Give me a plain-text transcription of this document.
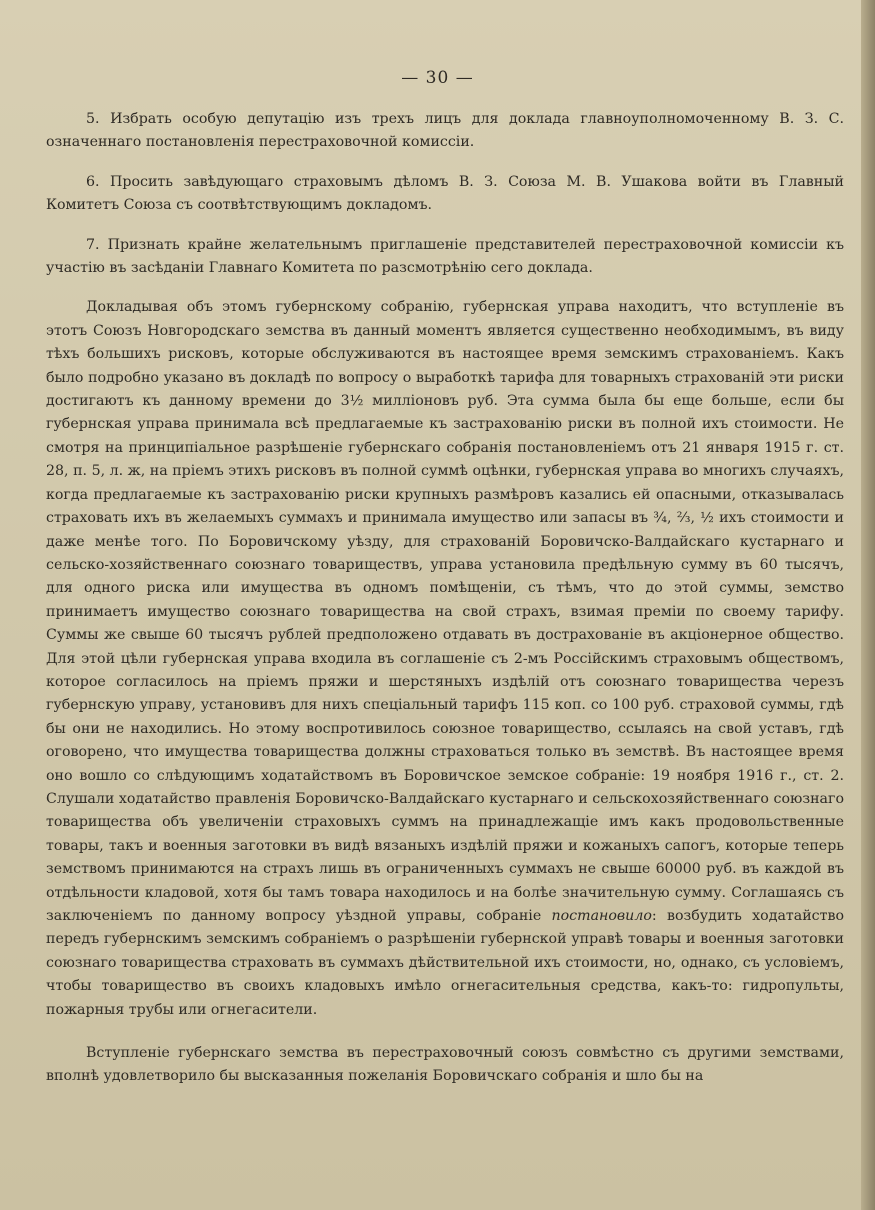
— 30 —

5. Избрать особую депутацію изъ трехъ лицъ для доклада главноуполномоченному В. З. С. означеннаго постановленія перестраховочной комиссіи.

6. Просить завѣдующаго страховымъ дѣломъ В. З. Союза М. В. Ушакова войти въ Главный Комитетъ Союза съ соотвѣтствующимъ докладомъ.

7. Признать крайне желательнымъ приглашеніе представителей перестраховочной комиссіи къ участію въ засѣданіи Главнаго Комитета по разсмотрѣнію сего доклада.

Докладывая объ этомъ губернскому собранію, губернская управа находитъ, что вступленіе въ этотъ Союзъ Новгородскаго земства въ данный моментъ является существенно необходимымъ, въ виду тѣхъ большихъ рисковъ, которые обслуживаются въ настоящее время земскимъ страхованіемъ. Какъ было подробно указано въ докладѣ по вопросу о выработкѣ тарифа для товарныхъ страхованій эти риски достигаютъ къ данному времени до 3½ милліоновъ руб. Эта сумма была бы еще больше, если бы губернская управа принимала всѣ предлагаемые къ застрахованію риски въ полной ихъ стоимости. Не смотря на принципіальное разрѣшеніе губернскаго собранія постановленіемъ отъ 21 января 1915 г. ст. 28, п. 5, л. ж, на пріемъ этихъ рисковъ въ полной суммѣ оцѣнки, губернская управа во многихъ случаяхъ, когда предлагаемые къ застрахованію риски крупныхъ размѣровъ казались ей опасными, отказывалась страховать ихъ въ желаемыхъ суммахъ и принимала имущество или запасы въ ¾, ⅔, ½ ихъ стоимости и даже менѣе того. По Боровичскому уѣзду, для страхованій Боровичско-Валдайскаго кустарнаго и сельско-хозяйственнаго союзнаго товариществъ, управа установила предѣльную сумму въ 60 тысячъ, для одного риска или имущества въ одномъ помѣщеніи, съ тѣмъ, что до этой суммы, земство принимаетъ имущество союзнаго товарищества на свой страхъ, взимая преміи по своему тарифу. Суммы же свыше 60 тысячъ рублей предположено отдавать въ дострахованіе въ акціонерное общество. Для этой цѣли губернская управа входила въ соглашеніе съ 2-мъ Россійскимъ страховымъ обществомъ, которое согласилось на пріемъ пряжи и шерстяныхъ издѣлій отъ союзнаго товарищества черезъ губернскую управу, установивъ для нихъ спеціальный тарифъ 115 коп. со 100 руб. страховой суммы, гдѣ бы они не находились. Но этому воспротивилось союзное товарищество, ссылаясь на свой уставъ, гдѣ оговорено, что имущества товарищества должны страховаться только въ земствѣ. Въ настоящее время оно вошло со слѣдующимъ ходатайствомъ въ Боровичское земское собраніе: 19 ноября 1916 г., ст. 2. Слушали ходатайство правленія Боровичско-Валдайскаго кустарнаго и сельскохозяйственнаго союзнаго товарищества объ увеличеніи страховыхъ суммъ на принадлежащіе имъ какъ продовольственные товары, такъ и военныя заготовки въ видѣ вязаныхъ издѣлій пряжи и кожаныхъ сапогъ, которые теперь земствомъ принимаются на страхъ лишь въ ограниченныхъ суммахъ не свыше 60000 руб. въ каждой въ отдѣльности кладовой, хотя бы тамъ товара находилось и на болѣе значительную сумму. Соглашаясь съ заключеніемъ по данному вопросу уѣздной управы, собраніе постановило: возбудить ходатайство передъ губернскимъ земскимъ собраніемъ о разрѣшеніи губернской управѣ товары и военныя заготовки союзнаго товарищества страховать въ суммахъ дѣйствительной ихъ стоимости, но, однако, съ условіемъ, чтобы товарищество въ своихъ кладовыхъ имѣло огнегасительныя средства, какъ-то: гидропульты, пожарныя трубы или огнегасители.

Вступленіе губернскаго земства въ перестраховочный союзъ совмѣстно съ другими земствами, вполнѣ удовлетворило бы высказанныя пожеланія Боровичскаго собранія и шло бы на
